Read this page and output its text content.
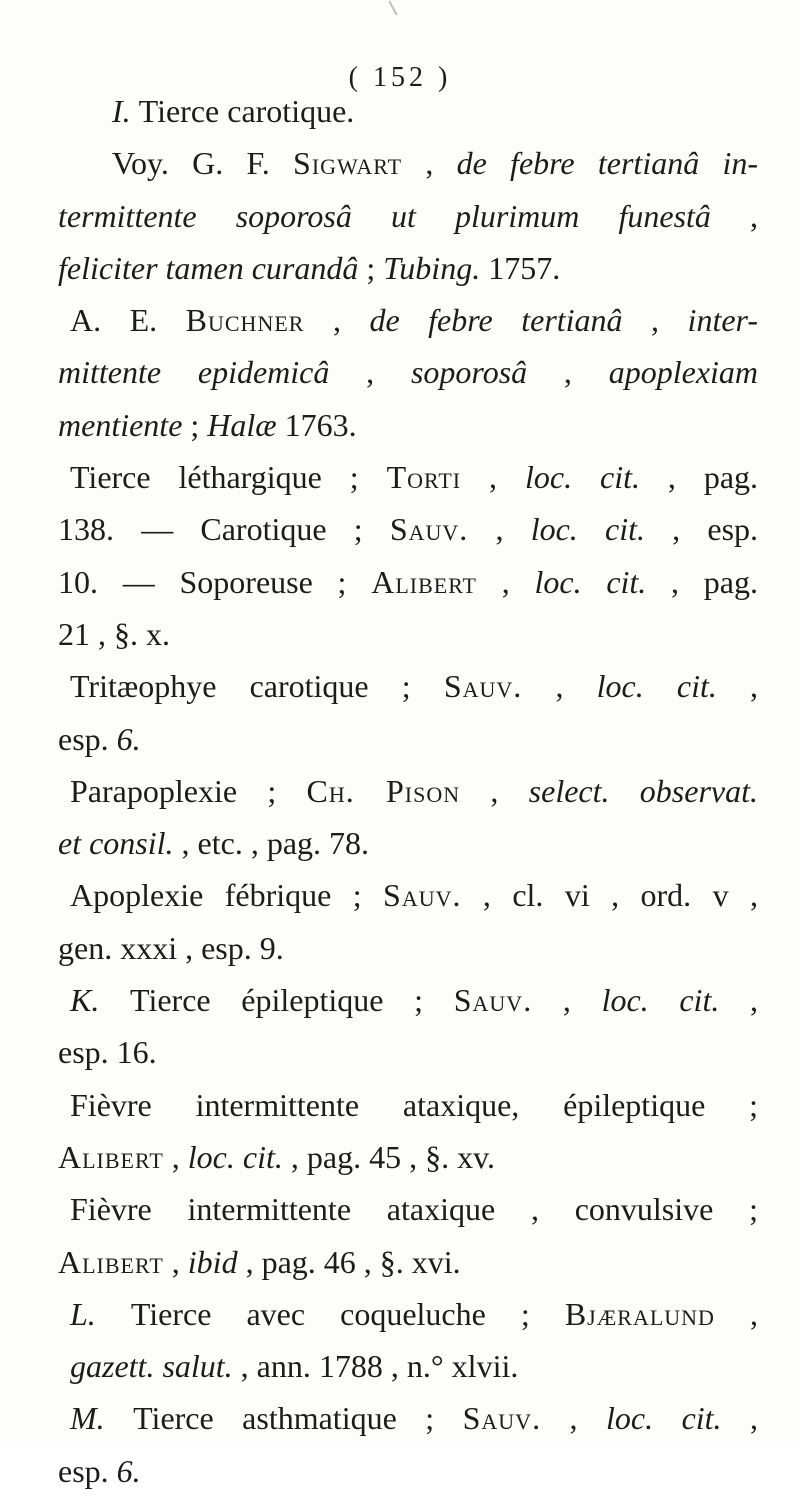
( 152 )
I. Tierce carotique.
Voy. G. F. Sigwart , de febre tertianâ in-
termittente soporosâ ut plurimum funestâ ,
feliciter tamen curandâ ; Tubing. 1757.
A. E. Buchner , de febre tertianâ , inter-
mittente epidemicâ , soporosâ , apoplexiam
mentiente ; Halæ 1763.
Tierce léthargique ; Torti , loc. cit. , pag.
138. — Carotique ; Sauv. , loc. cit. , esp.
10. — Soporeuse ; Alibert , loc. cit. , pag.
21 , §. x.
Tritæophye carotique ; Sauv. , loc. cit. ,
esp. 6.
Parapoplexie ; Ch. Pison , select. observat.
et consil. , etc. , pag. 78.
Apoplexie fébrique ; Sauv. , cl. vi , ord. v ,
gen. xxxi , esp. 9.
K. Tierce épileptique ; Sauv. , loc. cit. ,
esp. 16.
Fièvre intermittente ataxique, épileptique ;
Alibert , loc. cit. , pag. 45 , §. xv.
Fièvre intermittente ataxique , convulsive ;
Alibert , ibid , pag. 46 , §. xvi.
L. Tierce avec coqueluche ; Bjæralund ,
gazett. salut. , ann. 1788 , n.° xlvii.
M. Tierce asthmatique ; Sauv. , loc. cit. ,
esp. 6.
